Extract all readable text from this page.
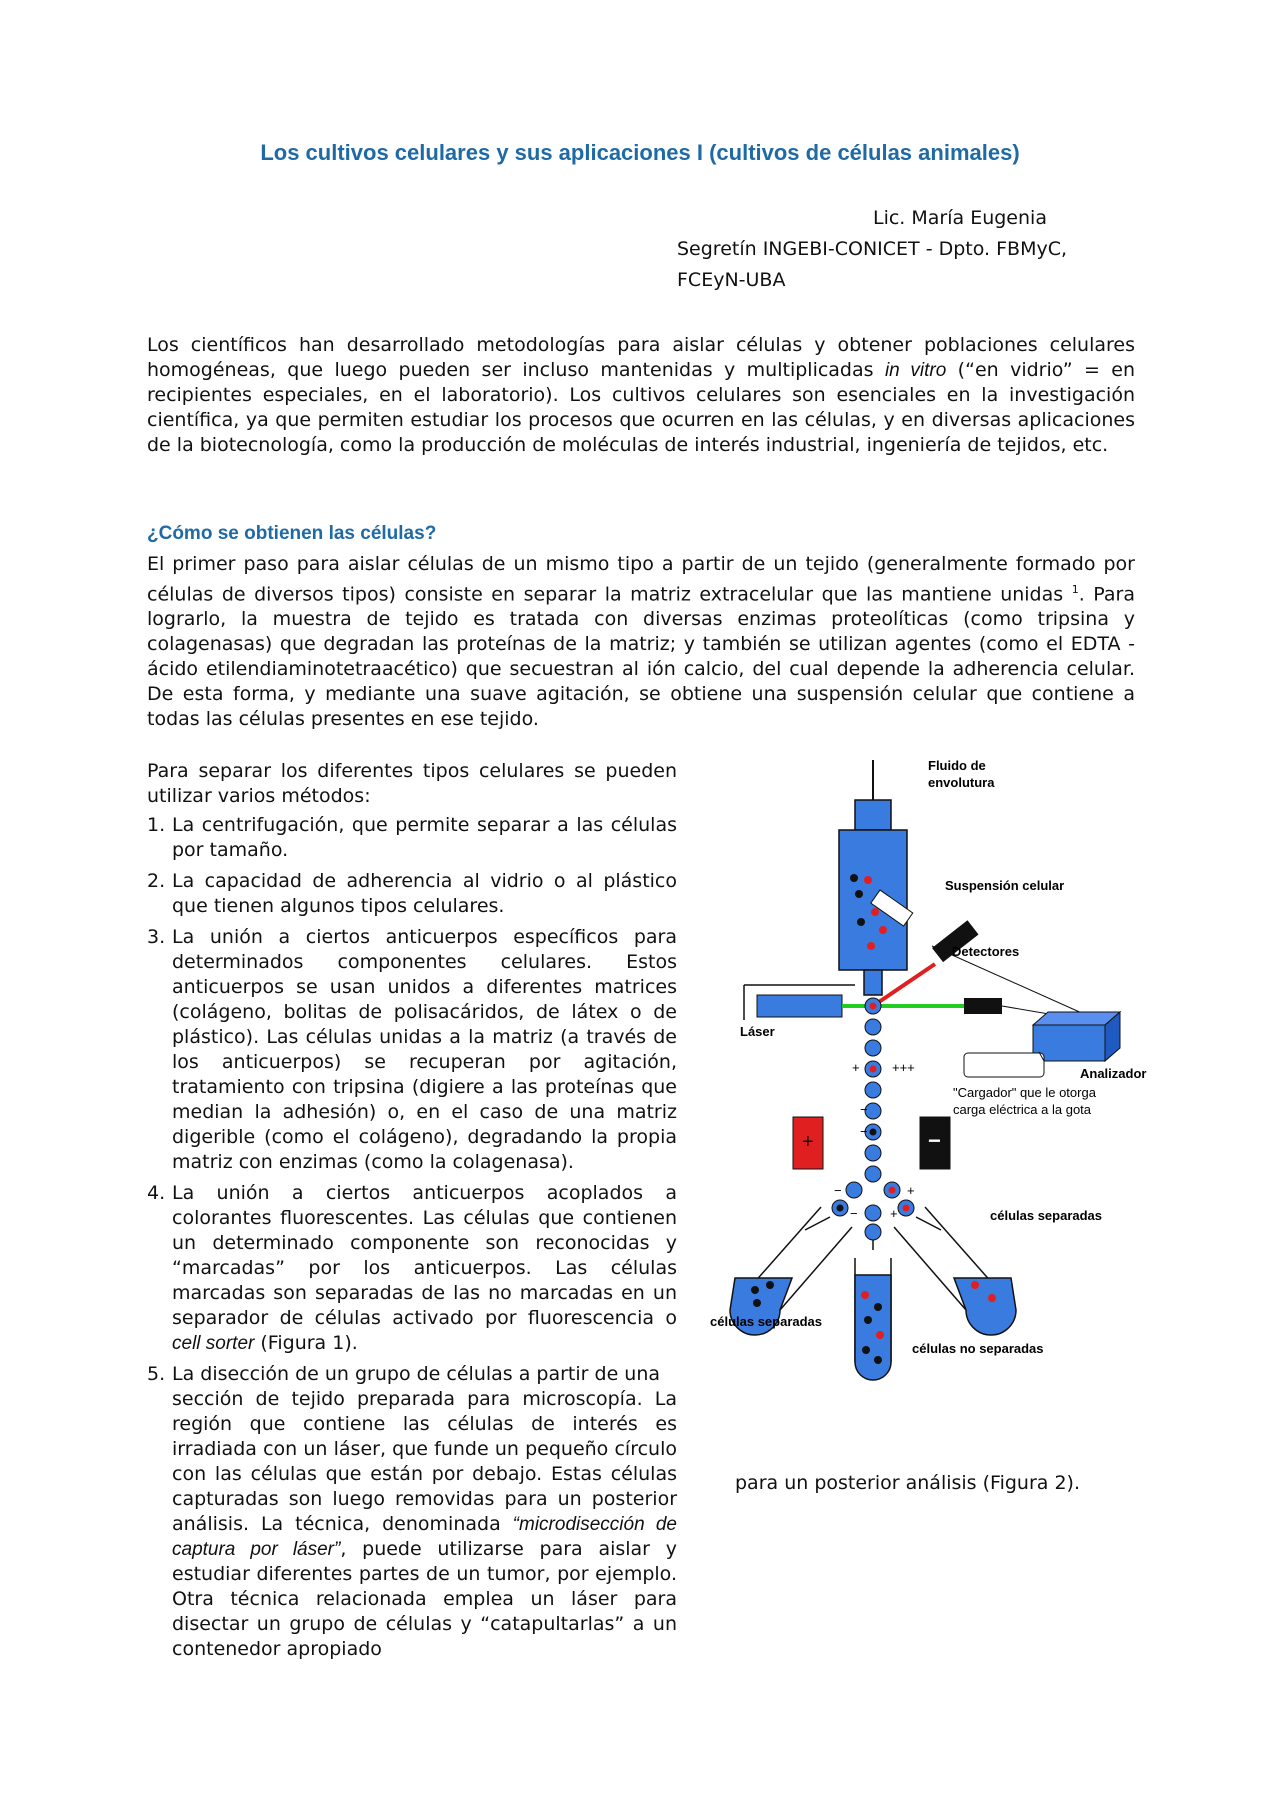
Los cultivos celulares y sus aplicaciones I (cultivos de células animales)
Lic. María Eugenia
Segretín INGEBI-CONICET - Dpto. FBMyC,
FCEyN-UBA
Los científicos han desarrollado metodologías para aislar células y obtener poblaciones celulares homogéneas, que luego pueden ser incluso mantenidas y multiplicadas in vitro (“en vidrio” = en recipientes especiales, en el laboratorio). Los cultivos celulares son esenciales en la investigación científica, ya que permiten estudiar los procesos que ocurren en las células, y en diversas aplicaciones de la biotecnología, como la producción de moléculas de interés industrial, ingeniería de tejidos, etc.
¿Cómo se obtienen las células?
El primer paso para aislar células de un mismo tipo a partir de un tejido (generalmente formado por células de diversos tipos) consiste en separar la matriz extracelular que las mantiene unidas $^1$. Para lograrlo, la muestra de tejido es tratada con diversas enzimas proteolíticas (como tripsina y colagenasas) que degradan las proteínas de la matriz; y también se utilizan agentes (como el EDTA - ácido etilendiaminotetraacético) que secuestran al ión calcio, del cual depende la adherencia celular. De esta forma, y mediante una suave agitación, se obtiene una suspensión celular que contiene a todas las células presentes en ese tejido.
Para separar los diferentes tipos celulares se pueden utilizar varios métodos:
1. La centrifugación, que permite separar a las células por tamaño.
2. La capacidad de adherencia al vidrio o al plástico que tienen algunos tipos celulares.
3. La unión a ciertos anticuerpos específicos para determinados componentes celulares. Estos anticuerpos se usan unidos a diferentes matrices (colágeno, bolitas de polisacáridos, de látex o de plástico). Las células unidas a la matriz (a través de los anticuerpos) se recuperan por agitación, tratamiento con tripsina (digiere a las proteínas que median la adhesión) o, en el caso de una matriz digerible (como el colágeno), degradando la propia matriz con enzimas (como la colagenasa).
4. La unión a ciertos anticuerpos acoplados a colorantes fluorescentes. Las células que contienen un determinado componente son reconocidas y “marcadas” por los anticuerpos. Las células marcadas son separadas de las no marcadas en un separador de células activado por fluorescencia o cell sorter (Figura 1).
5. La disección de un grupo de células a partir de una
sección de tejido preparada para microscopía. La región que contiene las células de interés es irradiada con un láser, que funde un pequeño círculo con las células que están por debajo. Estas células capturadas son luego removidas para un posterior análisis. La técnica, denominada “microdisección de captura por láser”, puede utilizarse para aislar y estudiar diferentes partes de un tumor, por ejemplo. Otra técnica relacionada emplea un láser para disectar un grupo de células y “catapultarlas” a un contenedor apropiado
para un posterior análisis (Figura 2).
+ +++
−
−
+	−
−
−
+
+
Fluido de
envolutura
Suspensión celular
Detectores
Láser
Analizador
"Cargador" que le otorga
carga eléctrica a la gota
células separadas
células separadas
células no separadas
